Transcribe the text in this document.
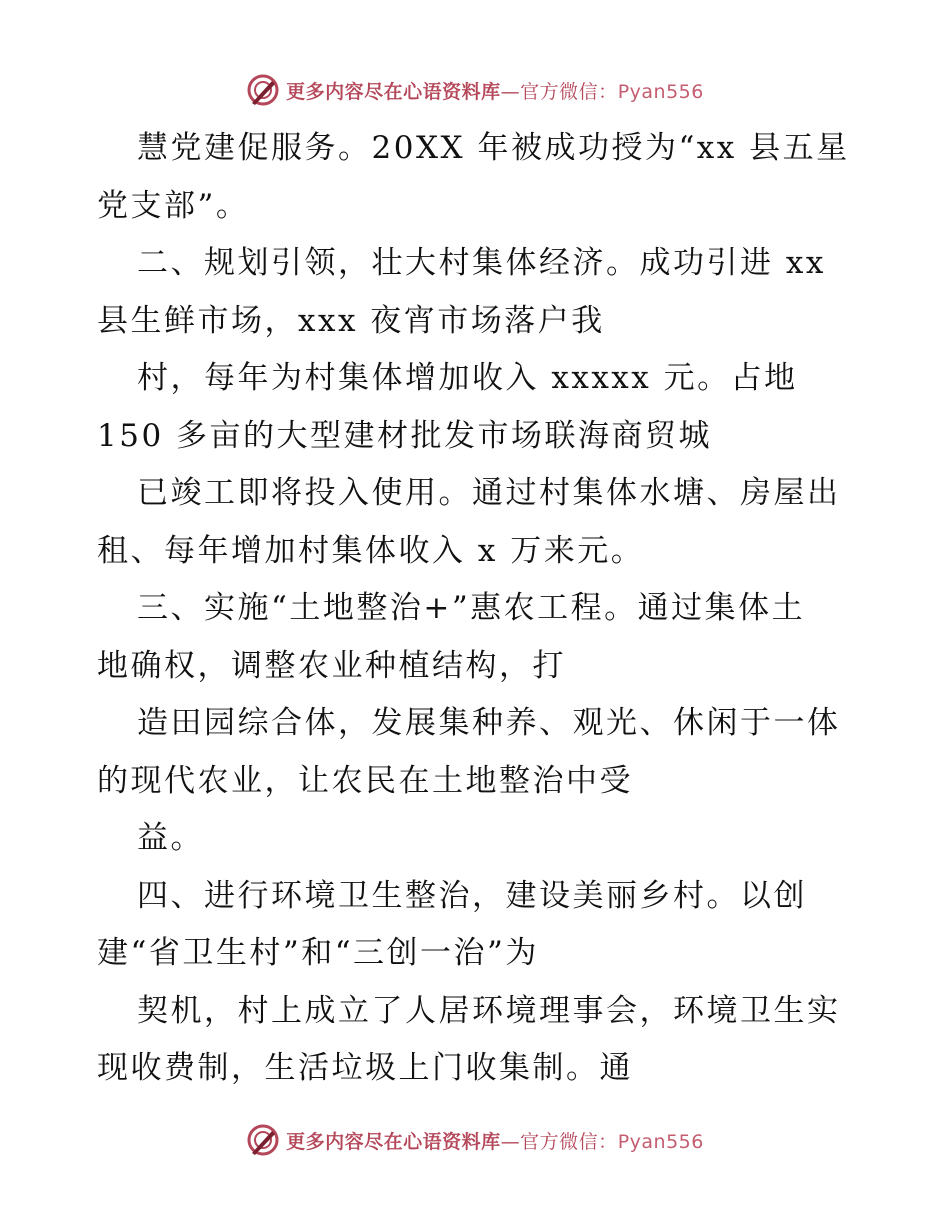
更多内容尽在心语资料库—官方微信：Pyan556
慧党建促服务。20XX 年被成功授为“xx 县五星
党支部”。
二、规划引领，壮大村集体经济。成功引进 xx
县生鲜市场，xxx 夜宵市场落户我
村，每年为村集体增加收入 xxxxx 元。占地
150 多亩的大型建材批发市场联海商贸城
已竣工即将投入使用。通过村集体水塘、房屋出
租、每年增加村集体收入 x 万来元。
三、实施“土地整治+”惠农工程。通过集体土
地确权，调整农业种植结构，打
造田园综合体，发展集种养、观光、休闲于一体
的现代农业，让农民在土地整治中受
益。
四、进行环境卫生整治，建设美丽乡村。以创
建“省卫生村”和“三创一治”为
契机，村上成立了人居环境理事会，环境卫生实
现收费制，生活垃圾上门收集制。通
更多内容尽在心语资料库—官方微信：Pyan556
